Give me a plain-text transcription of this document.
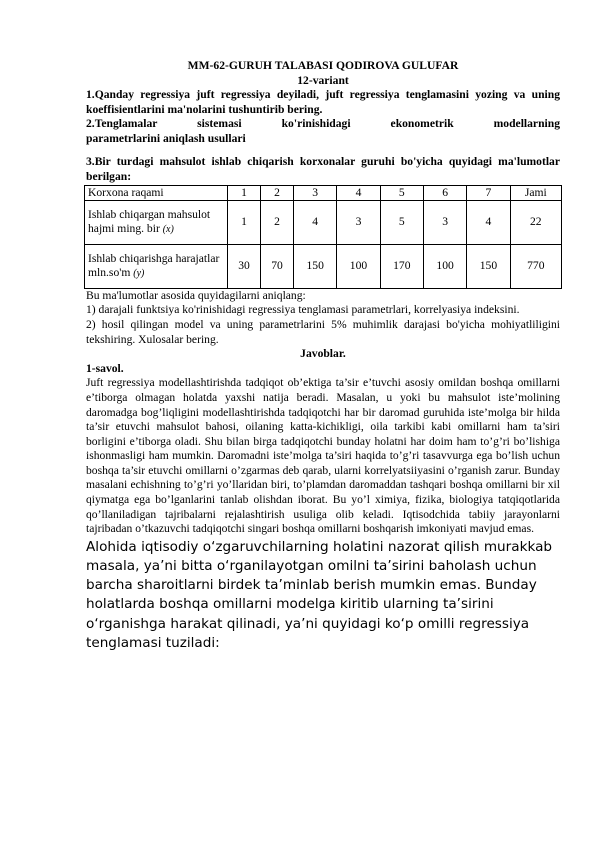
MM-62-GURUH TALABASI QODIROVA GULUFAR

12-variant

1.Qanday regressiya juft regressiya deyiladi, juft regressiya tenglamasini yozing va uning koeffisientlarini ma'nolarini tushuntirib bering.

2.Tenglamalar sistemasi ko'rinishidagi ekonometrik modellarning

parametrlarini aniqlash usullari

3.Bir turdagi mahsulot ishlab chiqarish korxonalar guruhi bo'yicha quyidagi ma'lumotlar berilgan:

Korxona raqami	1	2	3	4	5	6	7	Jami
Ishlab chiqargan mahsulot hajmi ming. bir (x)	1	2	4	3	5	3	4	22
Ishlab chiqarishga harajatlar mln.so'm (y)	30	70	150	100	170	100	150	770

Bu ma'lumotlar asosida quyidagilarni aniqlang:

1) darajali funktsiya ko'rinishidagi regressiya tenglamasi parametrlari, korrelyasiya indeksini.

2) hosil qilingan model va uning parametrlarini 5% muhimlik darajasi bo'yicha mohiyatliligini tekshiring. Xulosalar bering.

Javoblar.

1-savol.

Juft regressiya modellashtirishda tadqiqot ob’ektiga ta’sir e’tuvchi asosiy omildan boshqa omillarni e’tiborga olmagan holatda yaxshi natija beradi. Masalan, u yoki bu mahsulot iste’molining daromadga bog’liqligini modellashtirishda tadqiqotchi har bir daromad guruhida iste’molga bir hilda ta’sir etuvchi mahsulot bahosi, oilaning katta-kichikligi, oila tarkibi kabi omillarni ham ta’siri borligini e’tiborga oladi. Shu bilan birga tadqiqotchi bunday holatni har doim ham to’g’ri bo’lishiga ishonmasligi ham mumkin. Daromadni iste’molga ta’siri haqida to’g’ri tasavvurga ega bo’lish uchun boshqa ta’sir etuvchi omillarni o’zgarmas deb qarab, ularni korrelyatsiiyasini o’rganish zarur. Bunday masalani echishning to’g’ri yo’llaridan biri, to’plamdan daromaddan tashqari boshqa omillarni bir xil qiymatga ega bo’lganlarini tanlab olishdan iborat. Bu yo’l ximiya, fizika, biologiya tatqiqotlarida qo’llaniladigan tajribalarni rejalashtirish usuliga olib keladi. Iqtisodchida tabiiy jarayonlarni tajribadan o’tkazuvchi tadqiqotchi singari boshqa omillarni boshqarish imkoniyati mavjud emas.

Alohida iqtisodiy o‘zgaruvchilarning holatini nazorat qilish murakkab masala, ya’ni bitta o‘rganilayotgan omilni ta’sirini baholash uchun barcha sharoitlarni birdek ta’minlab berish mumkin emas. Bunday holatlarda boshqa omillarni modelga kiritib ularning ta’sirini o‘rganishga harakat qilinadi, ya’ni quyidagi ko‘p omilli regressiya tenglamasi tuziladi:
